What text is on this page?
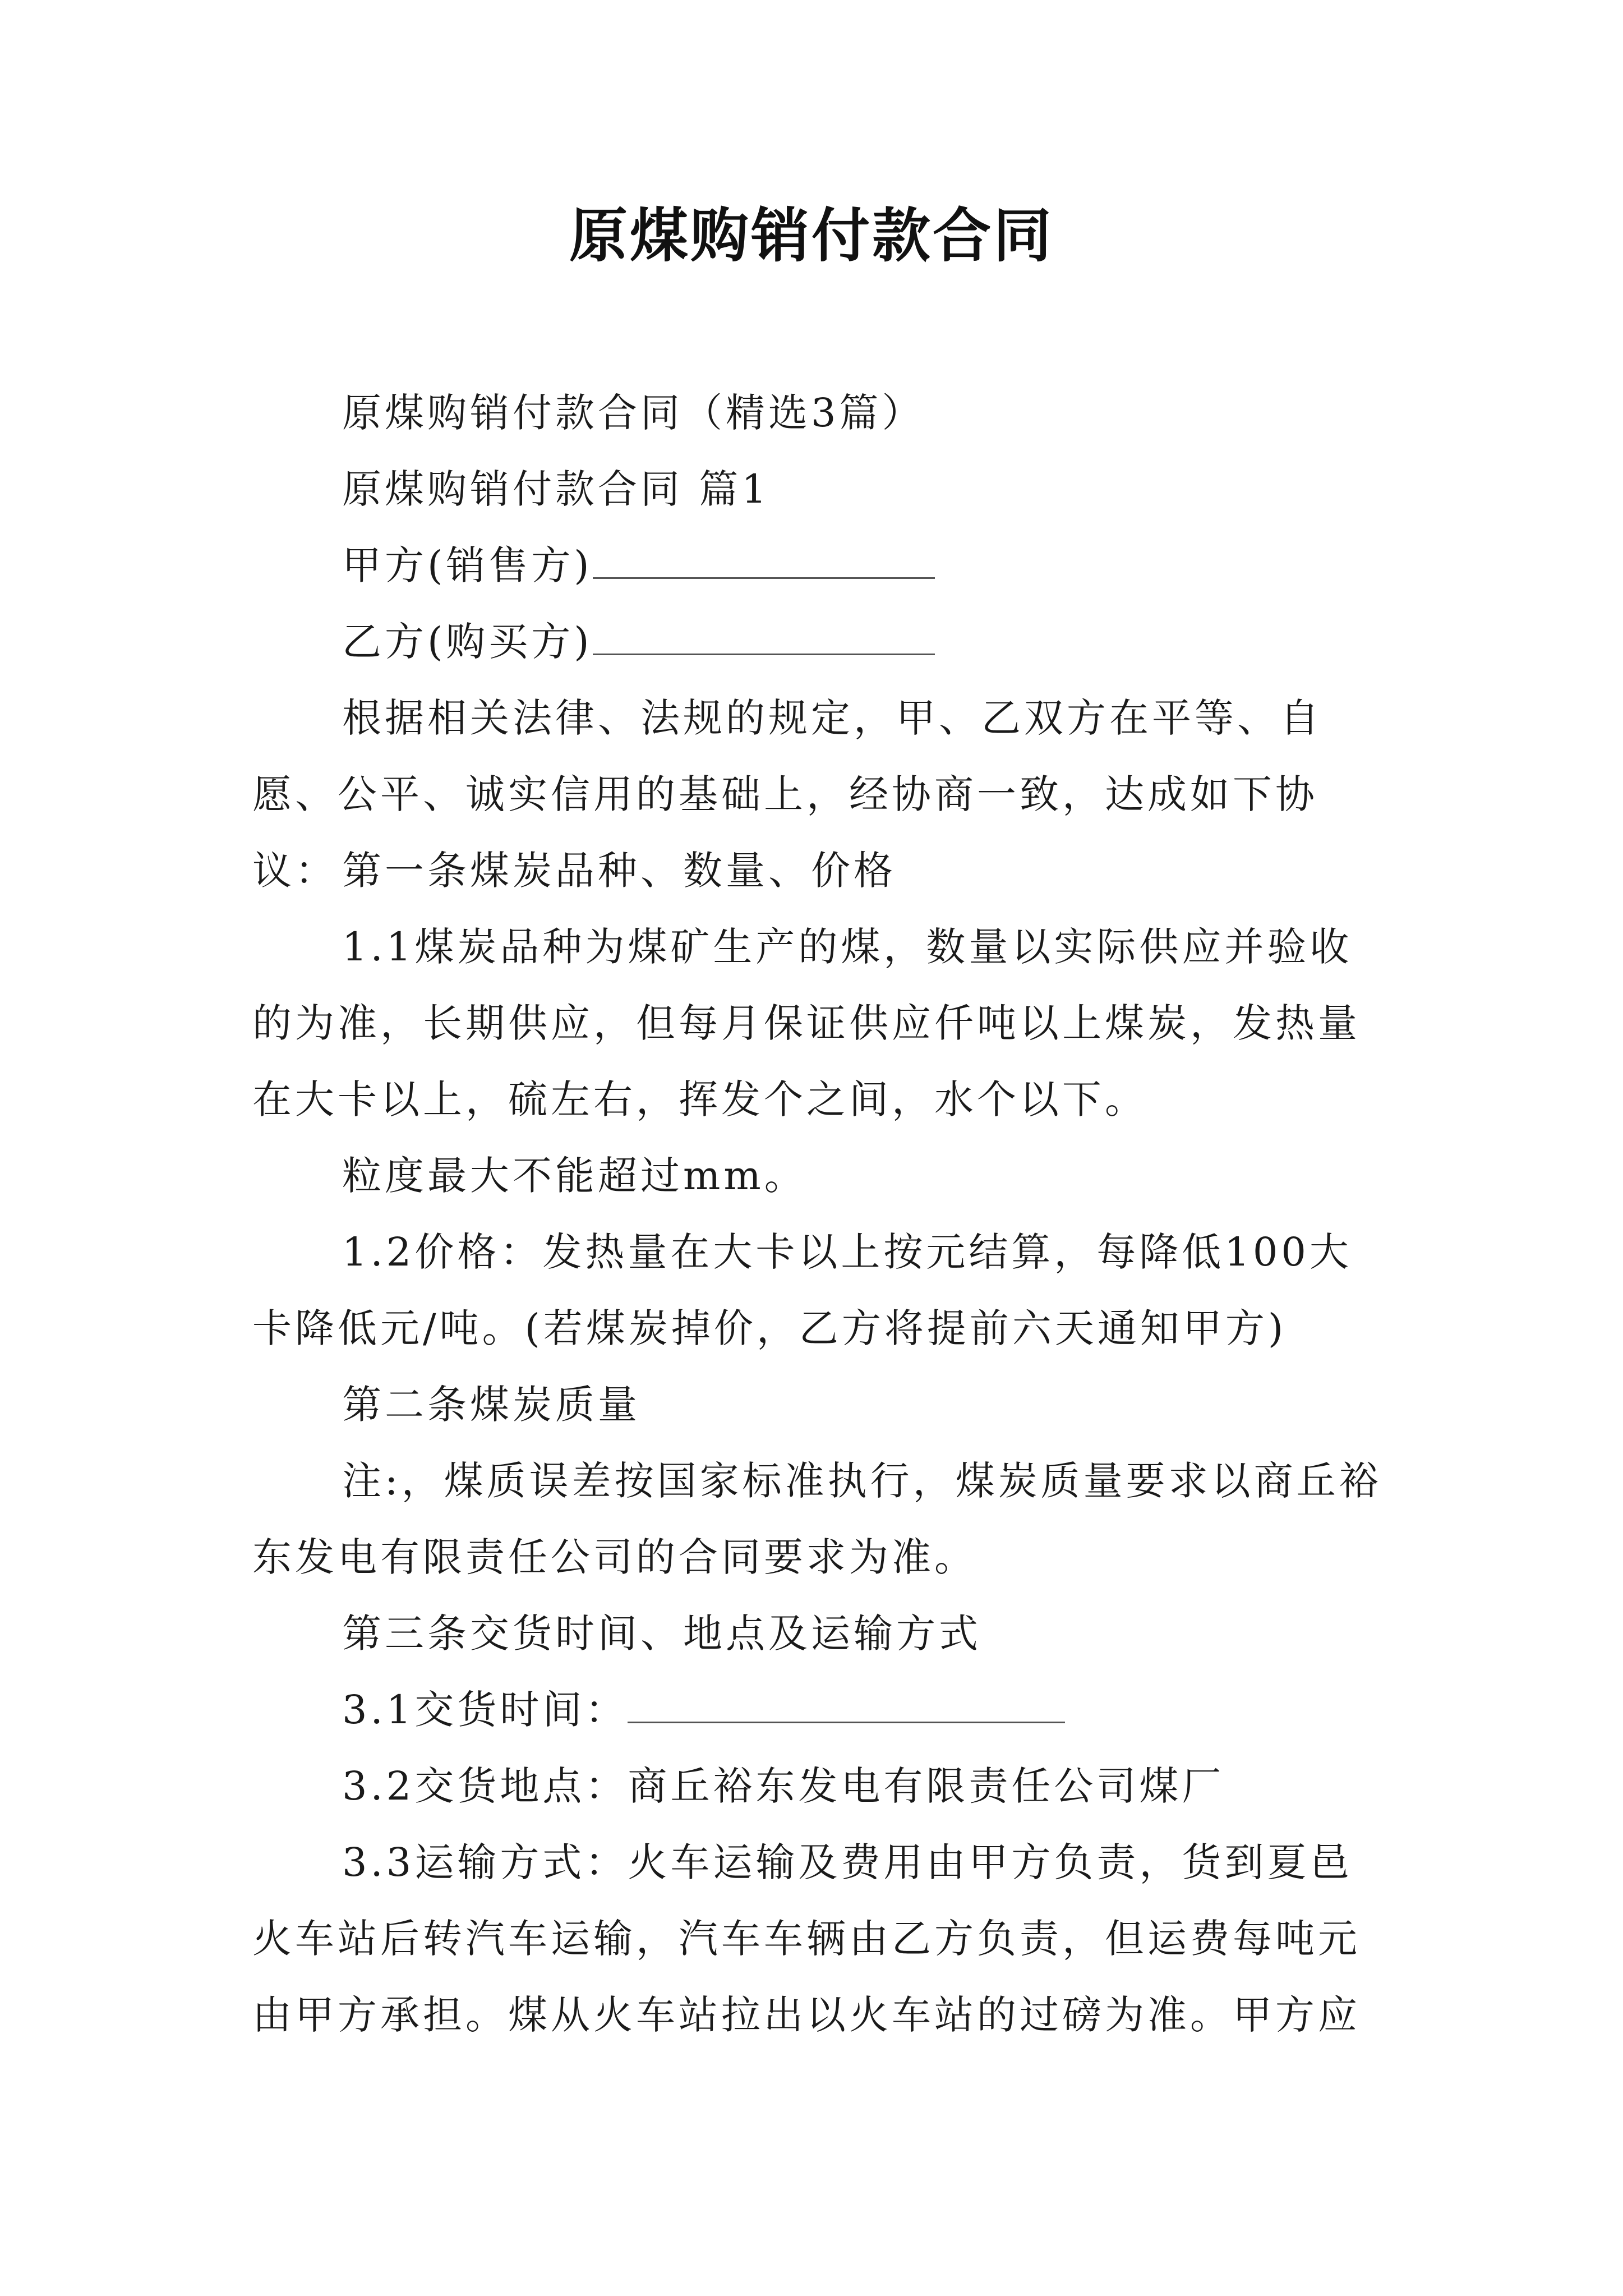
原煤购销付款合同

原煤购销付款合同（精选3篇）

原煤购销付款合同 篇1

甲方(销售方)

乙方(购买方)

根据相关法律、法规的规定，甲、乙双方在平等、自愿、公平、诚实信用的基础上，经协商一致，达成如下协议： 第一条煤炭品种、数量、价格

1.1煤炭品种为煤矿生产的煤，数量以实际供应并验收的为准，长期供应，但每月保证供应仟吨以上煤炭，发热量在大卡以上，硫左右，挥发个之间，水个以下。

粒度最大不能超过mm。

1.2价格：发热量在大卡以上按元结算，每降低100大卡降低元/吨。(若煤炭掉价，乙方将提前六天通知甲方)

第二条煤炭质量

注:，煤质误差按国家标准执行，煤炭质量要求以商丘裕东发电有限责任公司的合同要求为准。

第三条交货时间、地点及运输方式

3.1交货时间：

3.2交货地点：商丘裕东发电有限责任公司煤厂

3.3运输方式：火车运输及费用由甲方负责，货到夏邑火车站后转汽车运输，汽车车辆由乙方负责，但运费每吨元由甲方承担。煤从火车站拉出以火车站的过磅为准。甲方应
